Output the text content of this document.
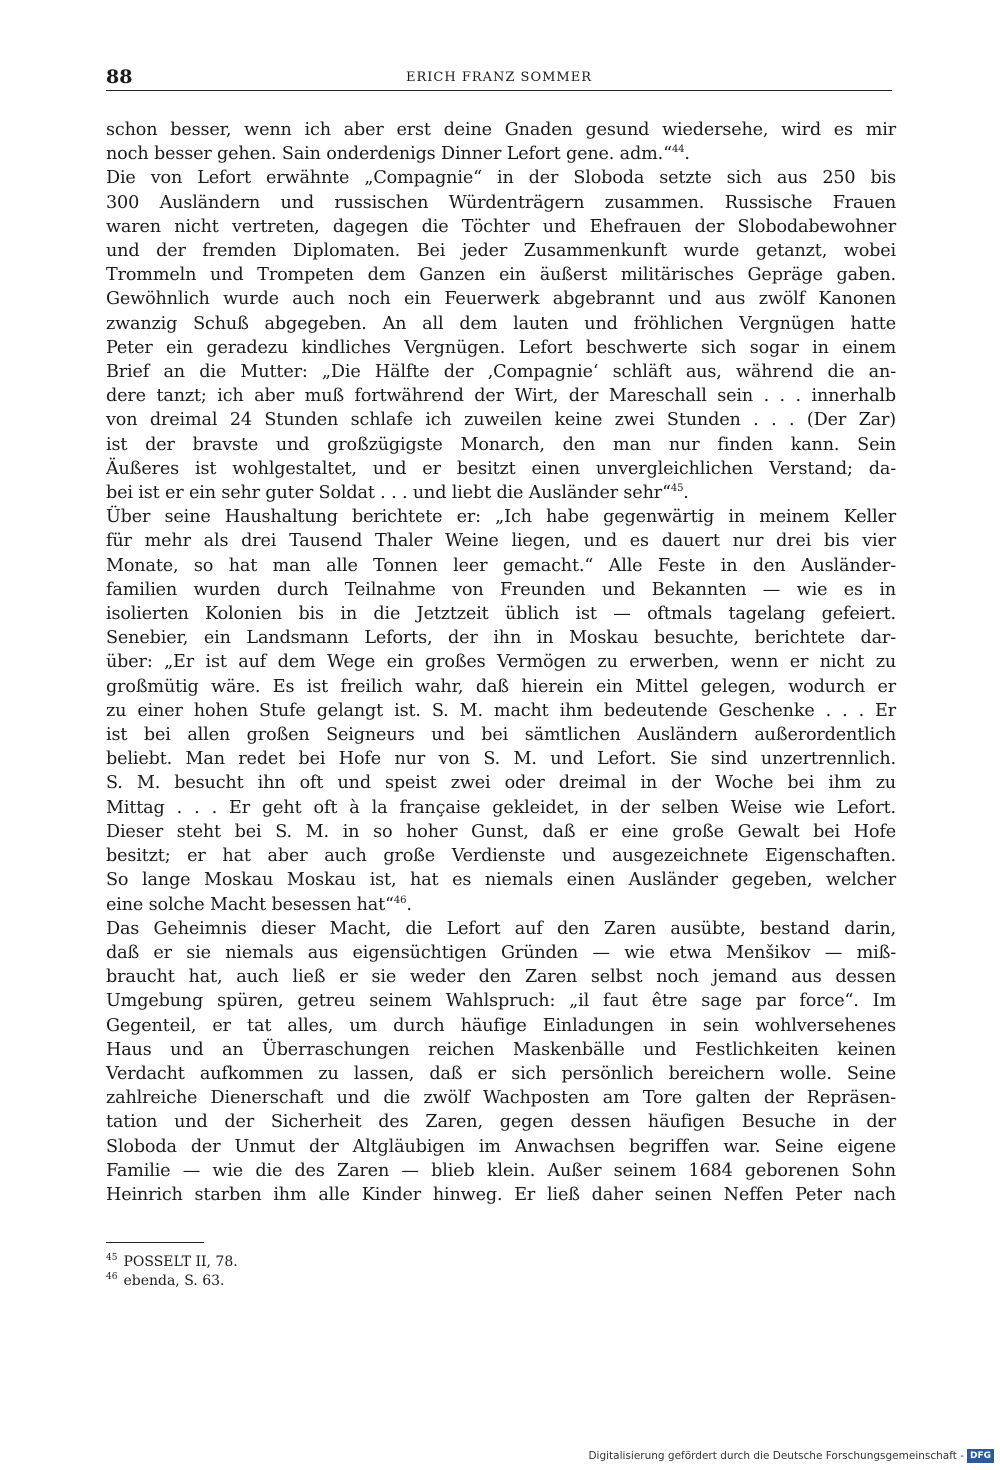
88	ERICH FRANZ SOMMER
schon besser, wenn ich aber erst deine Gnaden gesund wiedersehe, wird es mir
noch besser gehen. Sain onderdenigs Dinner Lefort gene. adm.“$^{44}$.
Die von Lefort erwähnte „Compagnie“ in der Sloboda setzte sich aus 250 bis
300 Ausländern und russischen Würdenträgern zusammen. Russische Frauen
waren nicht vertreten, dagegen die Töchter und Ehefrauen der Slobodabewohner
und der fremden Diplomaten. Bei jeder Zusammenkunft wurde getanzt, wobei
Trommeln und Trompeten dem Ganzen ein äußerst militärisches Gepräge gaben.
Gewöhnlich wurde auch noch ein Feuerwerk abgebrannt und aus zwölf Kanonen
zwanzig Schuß abgegeben. An all dem lauten und fröhlichen Vergnügen hatte
Peter ein geradezu kindliches Vergnügen. Lefort beschwerte sich sogar in einem
Brief an die Mutter: „Die Hälfte der ‚Compagnie‘ schläft aus, während die an-
dere tanzt; ich aber muß fortwährend der Wirt, der Mareschall sein . . . innerhalb
von dreimal 24 Stunden schlafe ich zuweilen keine zwei Stunden . . . (Der Zar)
ist der bravste und großzügigste Monarch, den man nur finden kann. Sein
Äußeres ist wohlgestaltet, und er besitzt einen unvergleichlichen Verstand; da-
bei ist er ein sehr guter Soldat . . . und liebt die Ausländer sehr“$^{45}$.
Über seine Haushaltung berichtete er: „Ich habe gegenwärtig in meinem Keller
für mehr als drei Tausend Thaler Weine liegen, und es dauert nur drei bis vier
Monate, so hat man alle Tonnen leer gemacht.“ Alle Feste in den Ausländer-
familien wurden durch Teilnahme von Freunden und Bekannten — wie es in
isolierten Kolonien bis in die Jetztzeit üblich ist — oftmals tagelang gefeiert.
Senebier, ein Landsmann Leforts, der ihn in Moskau besuchte, berichtete dar-
über: „Er ist auf dem Wege ein großes Vermögen zu erwerben, wenn er nicht zu
großmütig wäre. Es ist freilich wahr, daß hierein ein Mittel gelegen, wodurch er
zu einer hohen Stufe gelangt ist. S. M. macht ihm bedeutende Geschenke . . . Er
ist bei allen großen Seigneurs und bei sämtlichen Ausländern außerordentlich
beliebt. Man redet bei Hofe nur von S. M. und Lefort. Sie sind unzertrennlich.
S. M. besucht ihn oft und speist zwei oder dreimal in der Woche bei ihm zu
Mittag . . . Er geht oft à la française gekleidet, in der selben Weise wie Lefort.
Dieser steht bei S. M. in so hoher Gunst, daß er eine große Gewalt bei Hofe
besitzt; er hat aber auch große Verdienste und ausgezeichnete Eigenschaften.
So lange Moskau Moskau ist, hat es niemals einen Ausländer gegeben, welcher
eine solche Macht besessen hat“$^{46}$.
Das Geheimnis dieser Macht, die Lefort auf den Zaren ausübte, bestand darin,
daß er sie niemals aus eigensüchtigen Gründen — wie etwa Menšikov — miß-
braucht hat, auch ließ er sie weder den Zaren selbst noch jemand aus dessen
Umgebung spüren, getreu seinem Wahlspruch: „il faut être sage par force“. Im
Gegenteil, er tat alles, um durch häufige Einladungen in sein wohlversehenes
Haus und an Überraschungen reichen Maskenbälle und Festlichkeiten keinen
Verdacht aufkommen zu lassen, daß er sich persönlich bereichern wolle. Seine
zahlreiche Dienerschaft und die zwölf Wachposten am Tore galten der Repräsen-
tation und der Sicherheit des Zaren, gegen dessen häufigen Besuche in der
Sloboda der Unmut der Altgläubigen im Anwachsen begriffen war. Seine eigene
Familie — wie die des Zaren — blieb klein. Außer seinem 1684 geborenen Sohn
Heinrich starben ihm alle Kinder hinweg. Er ließ daher seinen Neffen Peter nach
$^{45}$ POSSELT II, 78.
$^{46}$ ebenda, S. 63.
Digitalisierung gefördert durch die Deutsche Forschungsgemeinschaft - DFG
